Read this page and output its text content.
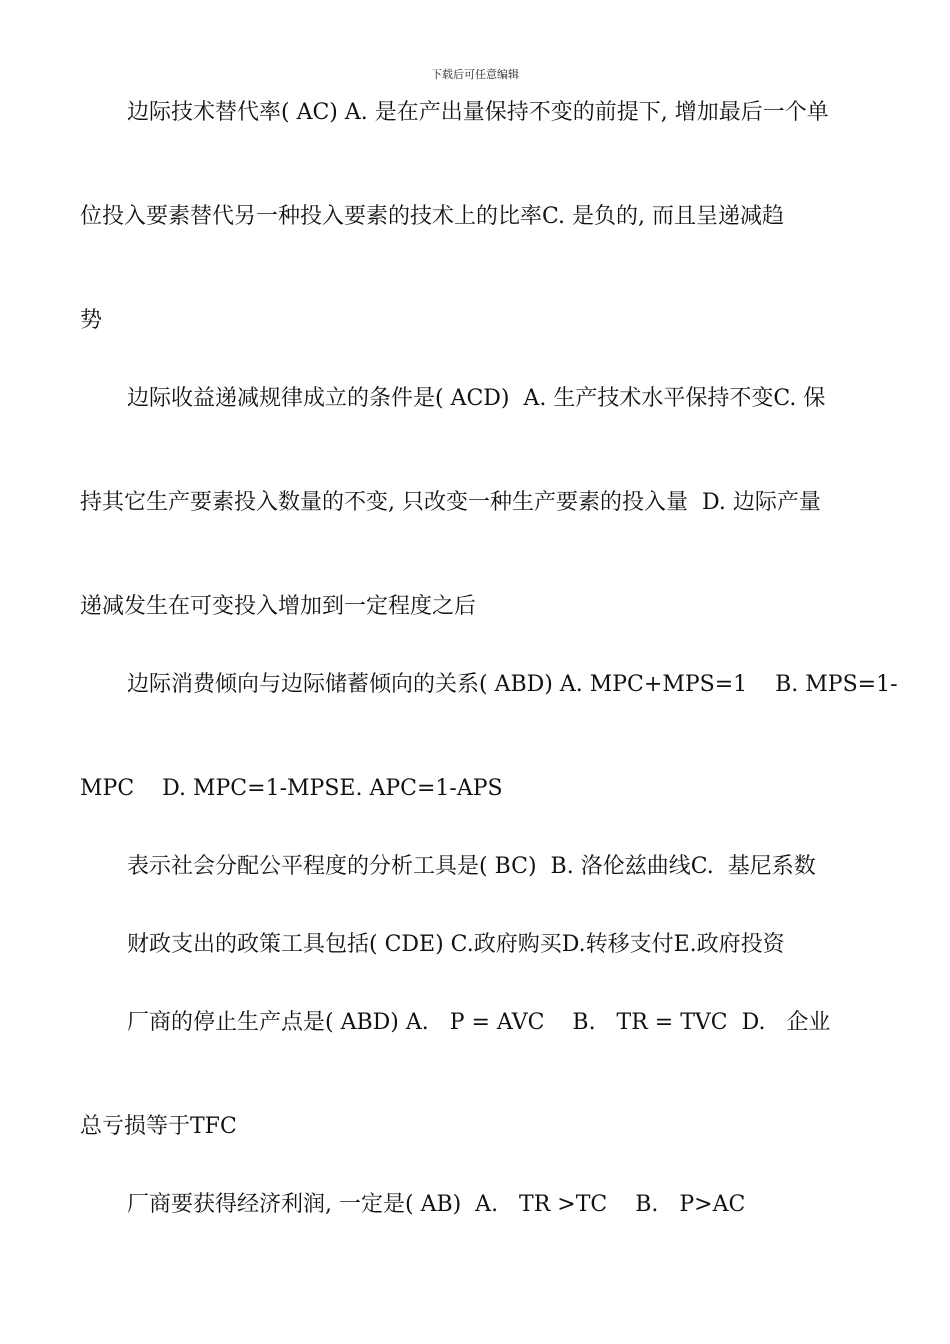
下载后可任意编辑
边际技术替代率( AC) A. 是在产出量保持不变的前提下, 增加最后一个单
位投入要素替代另一种投入要素的技术上的比率C. 是负的, 而且呈递减趋
势
边际收益递减规律成立的条件是( ACD)  A. 生产技术水平保持不变C. 保
持其它生产要素投入数量的不变, 只改变一种生产要素的投入量  D. 边际产量
递减发生在可变投入增加到一定程度之后
边际消费倾向与边际储蓄倾向的关系( ABD) A. MPC+MPS=1    B. MPS=1-
MPC    D. MPC=1-MPSE. APC=1-APS
表示社会分配公平程度的分析工具是( BC)  B. 洛伦兹曲线C.  基尼系数
财政支出的政策工具包括( CDE) C.政府购买D.转移支付E.政府投资
厂商的停止生产点是( ABD) A.   P = AVC    B.   TR = TVC  D.   企业
总亏损等于TFC
厂商要获得经济利润, 一定是( AB)  A.   TR >TC    B.   P>AC
